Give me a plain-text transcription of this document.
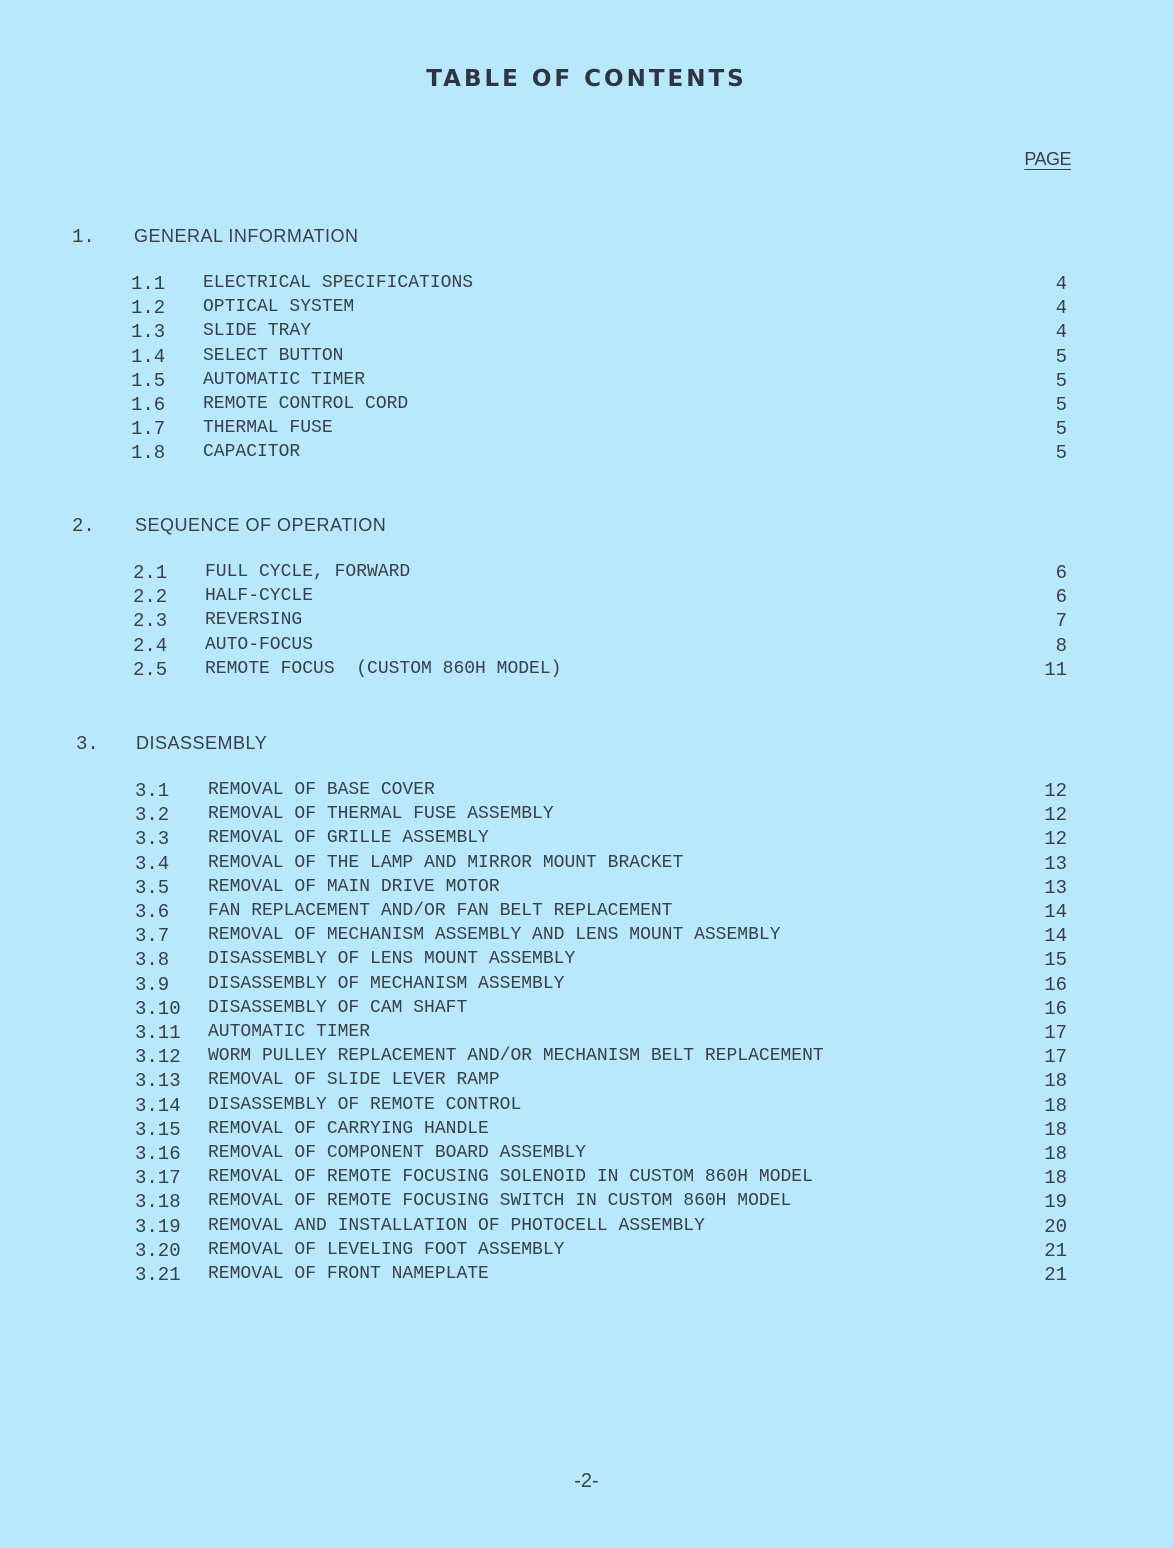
TABLE OF CONTENTS
PAGE
1. GENERAL INFORMATION
1.1 ELECTRICAL SPECIFICATIONS	4
1.2 OPTICAL SYSTEM	4
1.3 SLIDE TRAY	4
1.4 SELECT BUTTON	5
1.5 AUTOMATIC TIMER	5
1.6 REMOTE CONTROL CORD	5
1.7 THERMAL FUSE	5
1.8 CAPACITOR	5
2. SEQUENCE OF OPERATION
2.1 FULL CYCLE, FORWARD	6
2.2 HALF-CYCLE	6
2.3 REVERSING	7
2.4 AUTO-FOCUS	8
2.5 REMOTE FOCUS  (CUSTOM 860H MODEL)	11
3. DISASSEMBLY
3.1 REMOVAL OF BASE COVER	12
3.2 REMOVAL OF THERMAL FUSE ASSEMBLY	12
3.3 REMOVAL OF GRILLE ASSEMBLY	12
3.4 REMOVAL OF THE LAMP AND MIRROR MOUNT BRACKET	13
3.5 REMOVAL OF MAIN DRIVE MOTOR	13
3.6 FAN REPLACEMENT AND/OR FAN BELT REPLACEMENT	14
3.7 REMOVAL OF MECHANISM ASSEMBLY AND LENS MOUNT ASSEMBLY	14
3.8 DISASSEMBLY OF LENS MOUNT ASSEMBLY	15
3.9 DISASSEMBLY OF MECHANISM ASSEMBLY	16
3.10 DISASSEMBLY OF CAM SHAFT	16
3.11 AUTOMATIC TIMER	17
3.12 WORM PULLEY REPLACEMENT AND/OR MECHANISM BELT REPLACEMENT	17
3.13 REMOVAL OF SLIDE LEVER RAMP	18
3.14 DISASSEMBLY OF REMOTE CONTROL	18
3.15 REMOVAL OF CARRYING HANDLE	18
3.16 REMOVAL OF COMPONENT BOARD ASSEMBLY	18
3.17 REMOVAL OF REMOTE FOCUSING SOLENOID IN CUSTOM 860H MODEL	18
3.18 REMOVAL OF REMOTE FOCUSING SWITCH IN CUSTOM 860H MODEL	19
3.19 REMOVAL AND INSTALLATION OF PHOTOCELL ASSEMBLY	20
3.20 REMOVAL OF LEVELING FOOT ASSEMBLY	21
3.21 REMOVAL OF FRONT NAMEPLATE	21
-2-
